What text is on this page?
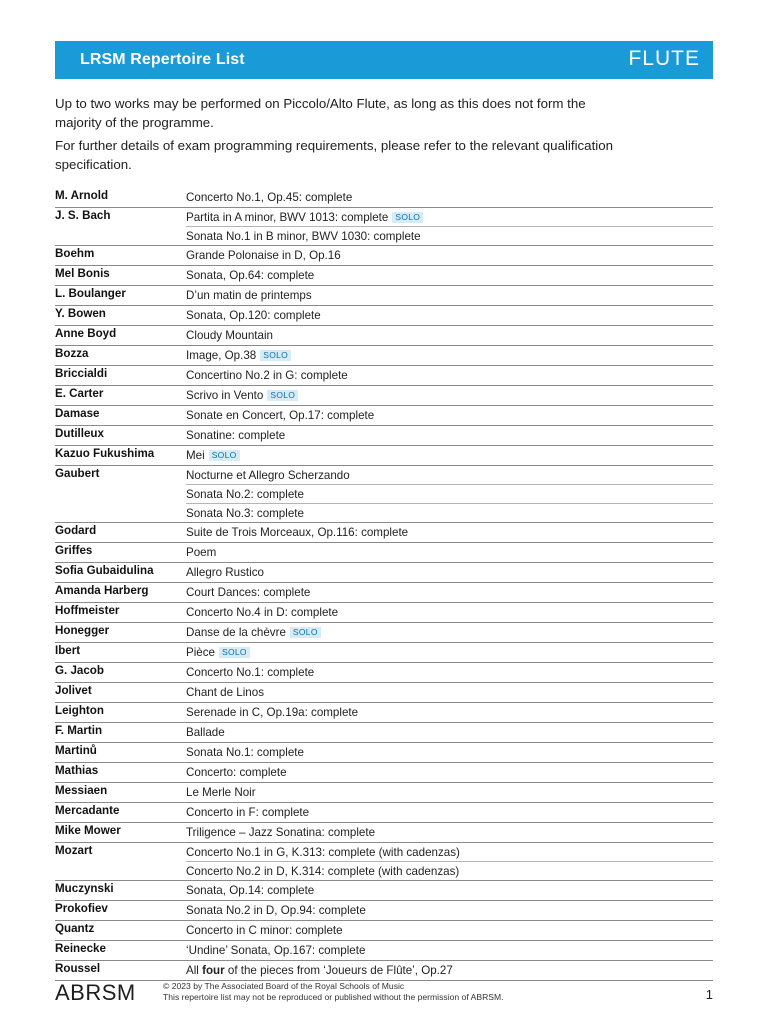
LRSM Repertoire List	FLUTE

Up to two works may be performed on Piccolo/Alto Flute, as long as this does not form the majority of the programme.

For further details of exam programming requirements, please refer to the relevant qualification specification.

M. Arnold	Concerto No.1, Op.45: complete
J. S. Bach	Partita in A minor, BWV 1013: complete SOLO
	Sonata No.1 in B minor, BWV 1030: complete
Boehm	Grande Polonaise in D, Op.16
Mel Bonis	Sonata, Op.64: complete
L. Boulanger	D’un matin de printemps
Y. Bowen	Sonata, Op.120: complete
Anne Boyd	Cloudy Mountain
Bozza	Image, Op.38 SOLO
Briccialdi	Concertino No.2 in G: complete
E. Carter	Scrivo in Vento SOLO
Damase	Sonate en Concert, Op.17: complete
Dutilleux	Sonatine: complete
Kazuo Fukushima	Mei SOLO
Gaubert	Nocturne et Allegro Scherzando
	Sonata No.2: complete
	Sonata No.3: complete
Godard	Suite de Trois Morceaux, Op.116: complete
Griffes	Poem
Sofia Gubaidulina	Allegro Rustico
Amanda Harberg	Court Dances: complete
Hoffmeister	Concerto No.4 in D: complete
Honegger	Danse de la chèvre SOLO
Ibert	Pièce SOLO
G. Jacob	Concerto No.1: complete
Jolivet	Chant de Linos
Leighton	Serenade in C, Op.19a: complete
F. Martin	Ballade
Martinů	Sonata No.1: complete
Mathias	Concerto: complete
Messiaen	Le Merle Noir
Mercadante	Concerto in F: complete
Mike Mower	Triligence – Jazz Sonatina: complete
Mozart	Concerto No.1 in G, K.313: complete (with cadenzas)
	Concerto No.2 in D, K.314: complete (with cadenzas)
Muczynski	Sonata, Op.14: complete
Prokofiev	Sonata No.2 in D, Op.94: complete
Quantz	Concerto in C minor: complete
Reinecke	‘Undine’ Sonata, Op.167: complete
Roussel	All four of the pieces from ‘Joueurs de Flûte’, Op.27
ABRSM	© 2023 by The Associated Board of the Royal Schools of Music
This repertoire list may not be reproduced or published without the permission of ABRSM.	1
